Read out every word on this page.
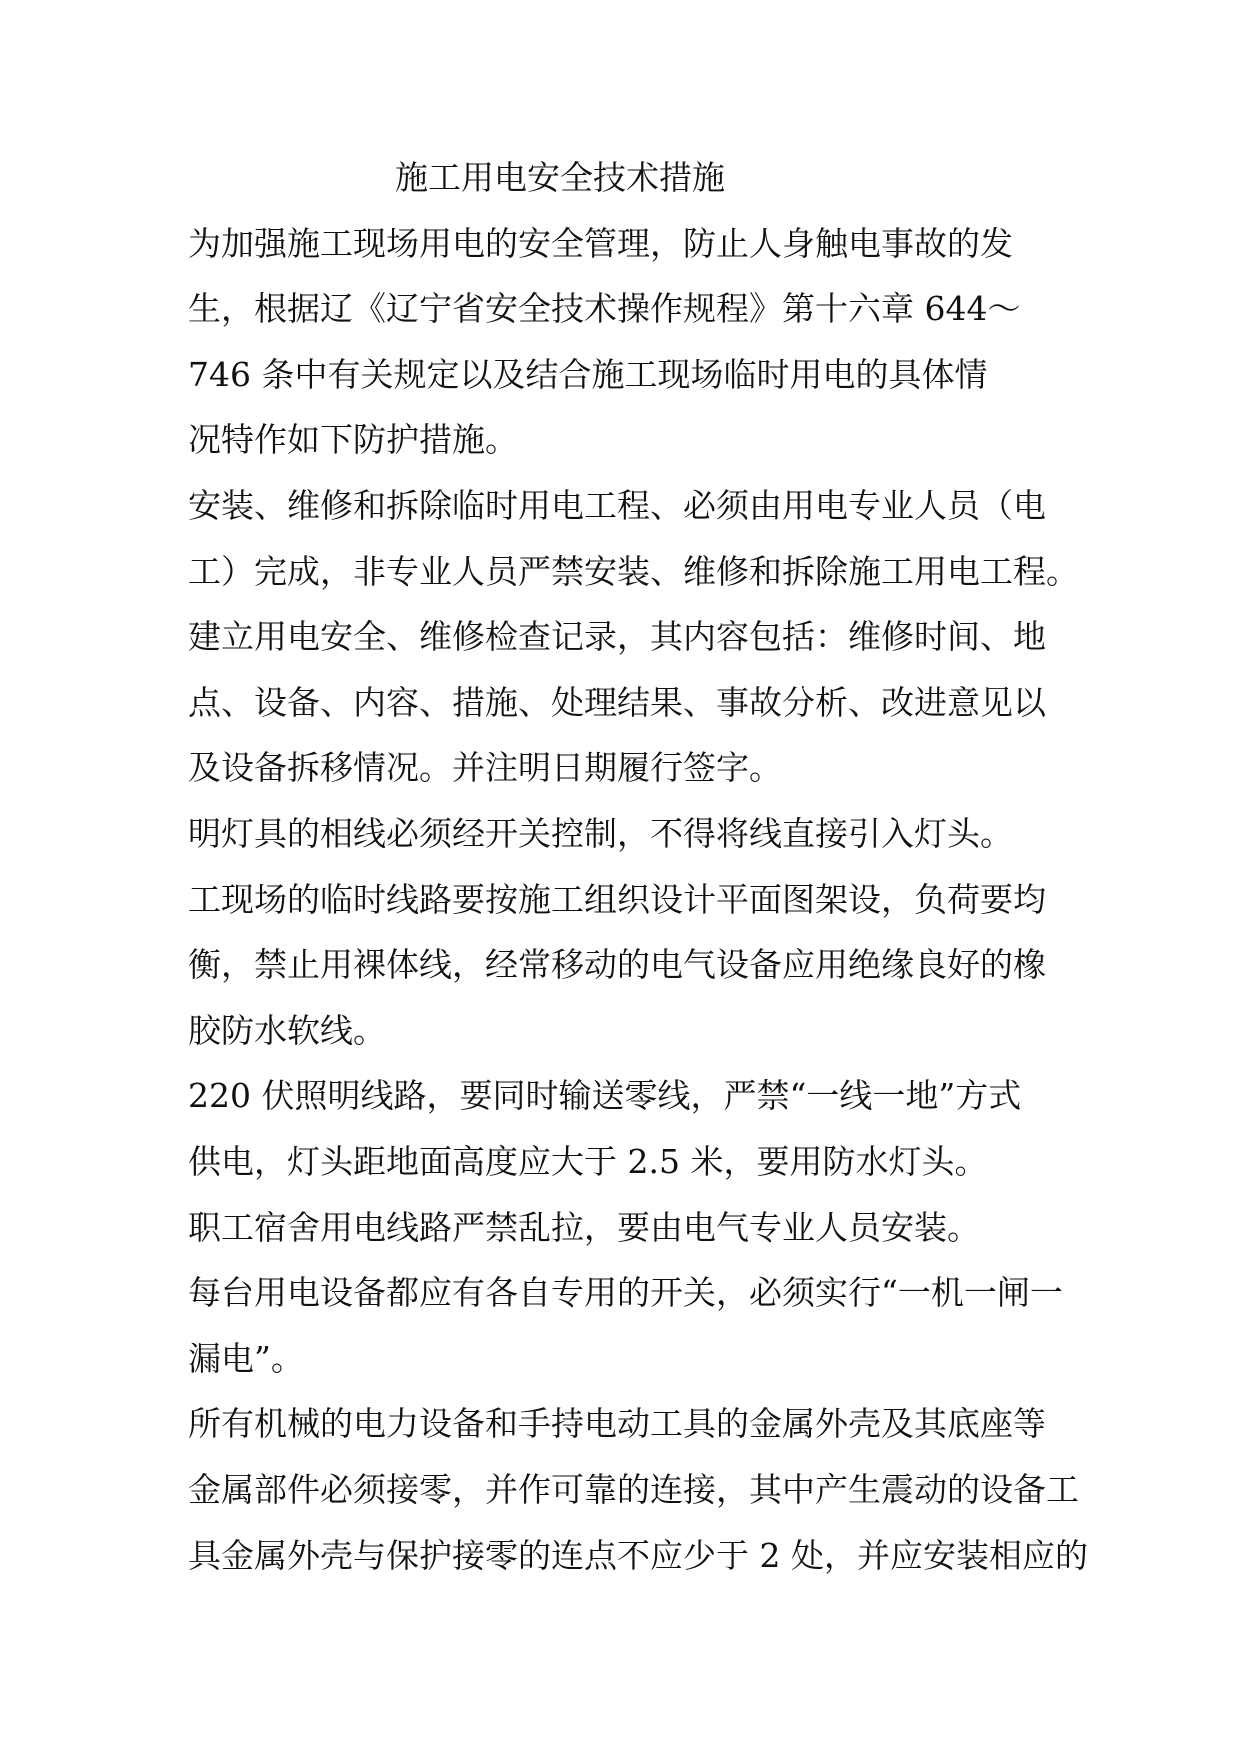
施工用电安全技术措施

为加强施工现场用电的安全管理，防止人身触电事故的发

生，根据辽《辽宁省安全技术操作规程》第十六章 644～

746 条中有关规定以及结合施工现场临时用电的具体情

况特作如下防护措施。

安装、维修和拆除临时用电工程、必须由用电专业人员（电

工）完成，非专业人员严禁安装、维修和拆除施工用电工程。

建立用电安全、维修检查记录，其内容包括：维修时间、地

点、设备、内容、措施、处理结果、事故分析、改进意见以

及设备拆移情况。并注明日期履行签字。

明灯具的相线必须经开关控制，不得将线直接引入灯头。

工现场的临时线路要按施工组织设计平面图架设，负荷要均

衡，禁止用裸体线，经常移动的电气设备应用绝缘良好的橡

胶防水软线。

220 伏照明线路，要同时输送零线，严禁“一线一地”方式

供电，灯头距地面高度应大于 2.5 米，要用防水灯头。

职工宿舍用电线路严禁乱拉，要由电气专业人员安装。

每台用电设备都应有各自专用的开关，必须实行“一机一闸一

漏电”。

所有机械的电力设备和手持电动工具的金属外壳及其底座等

金属部件必须接零，并作可靠的连接，其中产生震动的设备工

具金属外壳与保护接零的连点不应少于 2 处，并应安装相应的
